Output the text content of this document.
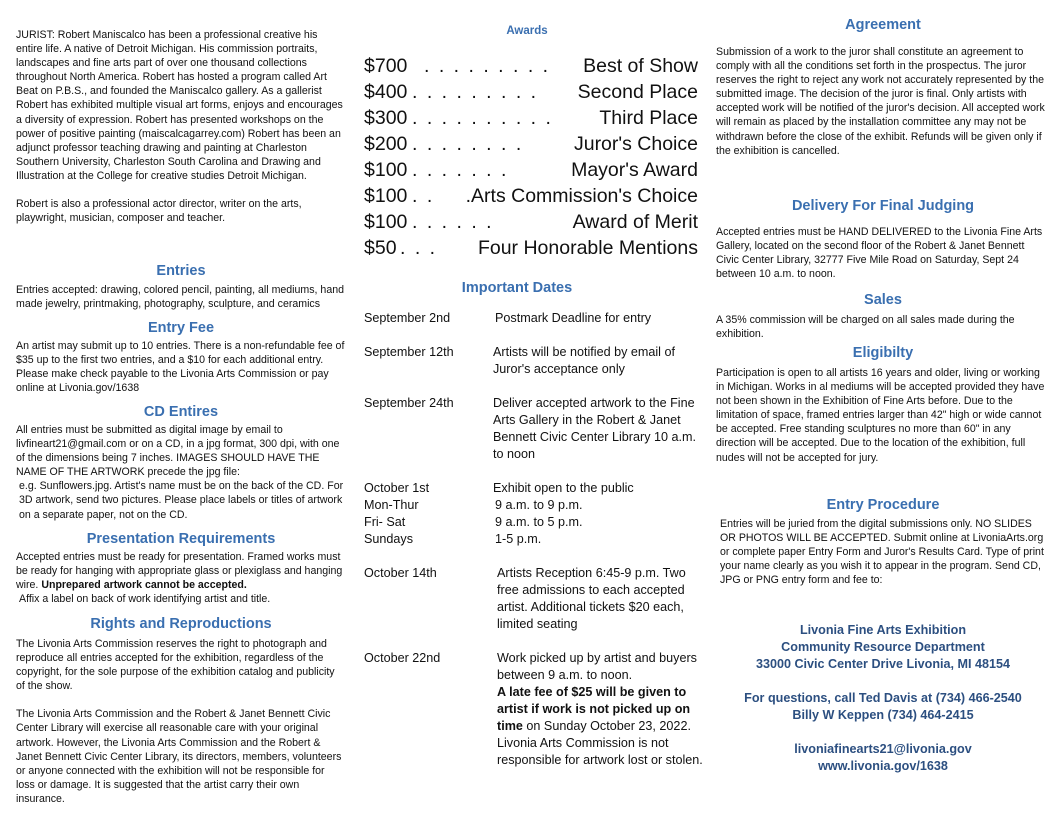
JURIST: Robert Maniscalco has been a professional creative his entire life. A native of Detroit Michigan. His commission portraits, landscapes and fine arts part of over one thousand collections throughout North America. Robert has hosted a program called Art Beat on P.B.S., and founded the Maniscalco gallery. As a gallerist Robert has exhibited multiple visual art forms, enjoys and encourages a diversity of expression. Robert has presented workshops on the power of positive painting (maiscalcagarrey.com) Robert has been an adjunct professor teaching drawing and painting at Charleston Southern University, Charleston South Carolina and Drawing and Illustration at the College for creative studies Detroit Michigan.

Robert is also a professional actor director, writer on the arts, playwright, musician, composer and teacher.

Entries
Entries accepted: drawing, colored pencil, painting, all mediums, hand made jewelry, printmaking, photography, sculpture, and ceramics
Entry Fee
An artist may submit up to 10 entries. There is a non-refundable fee of $35 up to the first two entries, and a $10 for each additional entry. Please make check payable to the Livonia Arts Commission or pay online at Livonia.gov/1638
CD Entires

All entries must be submitted as digital image by email to livfineart21@gmail.com or on a CD, in a jpg format, 300 dpi, with one of the dimensions being 7 inches. IMAGES SHOULD HAVE THE NAME OF THE ARTWORK precede the jpg file:

e.g. Sunflowers.jpg. Artist's name must be on the back of the CD. For 3D artwork, send two pictures. Please place labels or titles of artwork on a separate paper, not on the CD.

Presentation Requirements

Accepted entries must be ready for presentation. Framed works must be ready for hanging with appropriate glass or plexiglass and hanging wire. Unprepared artwork cannot be accepted.

Affix a label on back of work identifying artist and title.

Rights and Reproductions

The Livonia Arts Commission reserves the right to photograph and reproduce all entries accepted for the exhibition, regardless of the copyright, for the sole purpose of the exhibition catalog and publicity of the show.

The Livonia Arts Commission and the Robert & Janet Bennett Civic Center Library will exercise all reasonable care with your original artwork. However, the Livonia Arts Commission and the Robert & Janet Bennett Civic Center Library, its directors, members, volunteers or anyone connected with the exhibition will not be responsible for loss or damage. It is suggested that the artist carry their own insurance.

Awards
$700 . . . . . . . . . Best of Show
$400 . . . . . . . . . Second Place
$300 . . . . . . . . . . Third Place
$200 . . . . . . . .	Juror's Choice
$100 . . . . . . .	Mayor's Award
$100 . . .Arts Commission's Choice
$100 . . . . . .	Award of Merit
$50 . . . Four Honorable Mentions
Important Dates
September 2nd	Postmark Deadline for entry
September 12th	Artists will be notified by email of Juror's acceptance only
September 24th	Deliver accepted artwork to the Fine Arts Gallery in the Robert & Janet Bennett Civic Center Library 10 a.m. to noon
October 1st	Exhibit open to the public
Mon-Thur	9 a.m. to 9 p.m.
Fri- Sat	9 a.m. to 5 p.m.
Sundays	1-5 p.m.
October 14th	Artists Reception 6:45-9 p.m. Two free admissions to each accepted artist. Additional tickets $20 each, limited seating
October 22nd	Work picked up by artist and buyers between 9 a.m. to noon.
A late fee of $25 will be given to artist if work is not picked up on time on Sunday October 23, 2022. Livonia Arts Commission is not responsible for artwork lost or stolen.
Agreement
Submission of a work to the juror shall constitute an agreement to comply with all the conditions set forth in the prospectus. The juror reserves the right to reject any work not accurately represented by the submitted image. The decision of the juror is final. Only artists with accepted work will be notified of the juror's decision. All accepted work will remain as placed by the installation committee any may not be withdrawn before the close of the exhibit. Refunds will be given only if the exhibition is cancelled.
Delivery For Final Judging
Accepted entries must be HAND DELIVERED to the Livonia Fine Arts Gallery, located on the second floor of the Robert & Janet Bennett Civic Center Library, 32777 Five Mile Road on Saturday, Sept 24 between 10 a.m. to noon.
Sales
A 35% commission will be charged on all sales made during the exhibition.
Eligibilty
Participation is open to all artists 16 years and older, living or working in Michigan. Works in al mediums will be accepted provided they have not been shown in the Exhibition of Fine Arts before. Due to the limitation of space, framed entries larger than 42" high or wide cannot be accepted. Free standing sculptures no more than 60" in any direction will be accepted. Due to the location of the exhibition, full nudes will not be accepted for jury.
Entry Procedure
Entries will be juried from the digital submissions only. NO SLIDES OR PHOTOS WILL BE ACCEPTED. Submit online at LivoniaArts.org or complete paper Entry Form and Juror's Results Card. Type of print your name clearly as you wish it to appear in the program. Send CD, JPG or PNG entry form and fee to:
Livonia Fine Arts Exhibition
Community Resource Department
33000 Civic Center Drive Livonia, MI 48154
For questions, call Ted Davis at (734) 466-2540
Billy W Keppen (734) 464-2415
livoniafinearts21@livonia.gov
www.livonia.gov/1638
